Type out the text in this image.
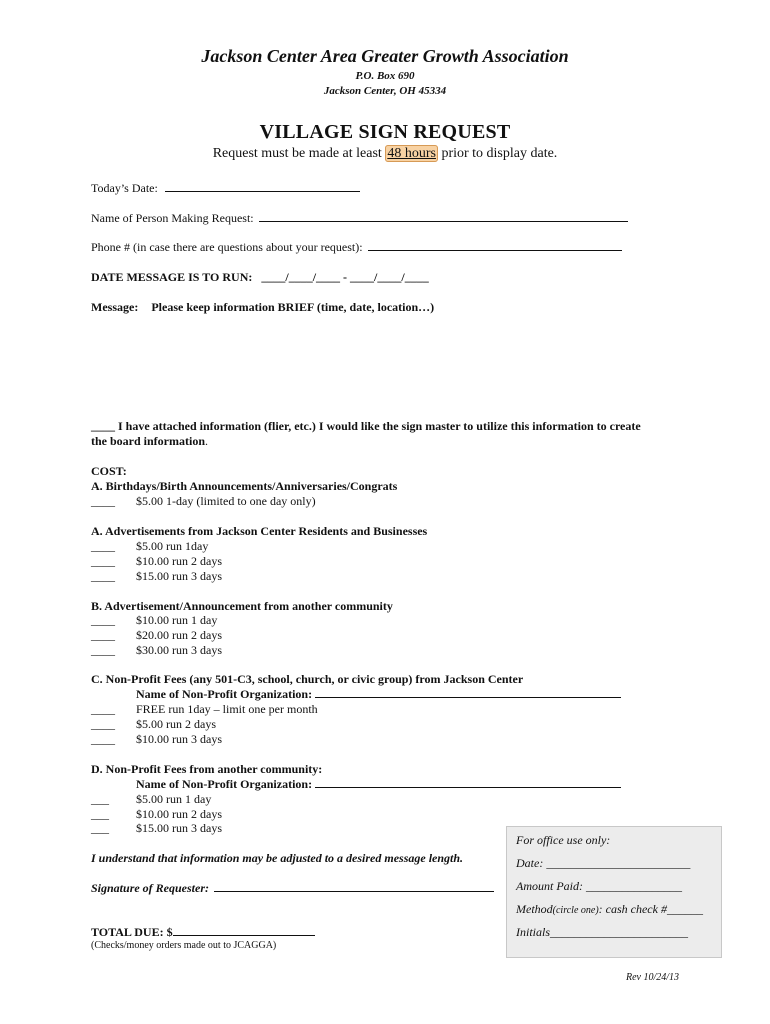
Jackson Center Area Greater Growth Association
P.O. Box 690
Jackson Center, OH 45334
VILLAGE SIGN REQUEST
Request must be made at least 48 hours prior to display date.
Today’s Date:
Name of Person Making Request:
Phone # (in case there are questions about your request):
DATE MESSAGE IS TO RUN: ____/____/____ - ____/____/____
Message: Please keep information BRIEF (time, date, location…)
____ I have attached information (flier, etc.) I would like the sign master to utilize this information to create
the board information.
COST:
A. Birthdays/Birth Announcements/Anniversaries/Congrats
____ $5.00 1-day (limited to one day only)
A. Advertisements from Jackson Center Residents and Businesses
____ $5.00 run 1day
____ $10.00 run 2 days
____ $15.00 run 3 days
B. Advertisement/Announcement from another community
____ $10.00 run 1 day
____ $20.00 run 2 days
____ $30.00 run 3 days
C. Non-Profit Fees (any 501-C3, school, church, or civic group) from Jackson Center
Name of Non-Profit Organization:
____ FREE run 1day – limit one per month
____ $5.00 run 2 days
____ $10.00 run 3 days
D. Non-Profit Fees from another community:
Name of Non-Profit Organization:
___ $5.00 run 1 day
___ $10.00 run 2 days
___ $15.00 run 3 days
I understand that information may be adjusted to a desired message length.
Signature of Requester:
TOTAL DUE: $
(Checks/money orders made out to JCAGGA)
For office use only:
Date: ________________________
Amount Paid: ________________
Method(circle one): cash check #______
Initials_______________________
Rev 10/24/13
